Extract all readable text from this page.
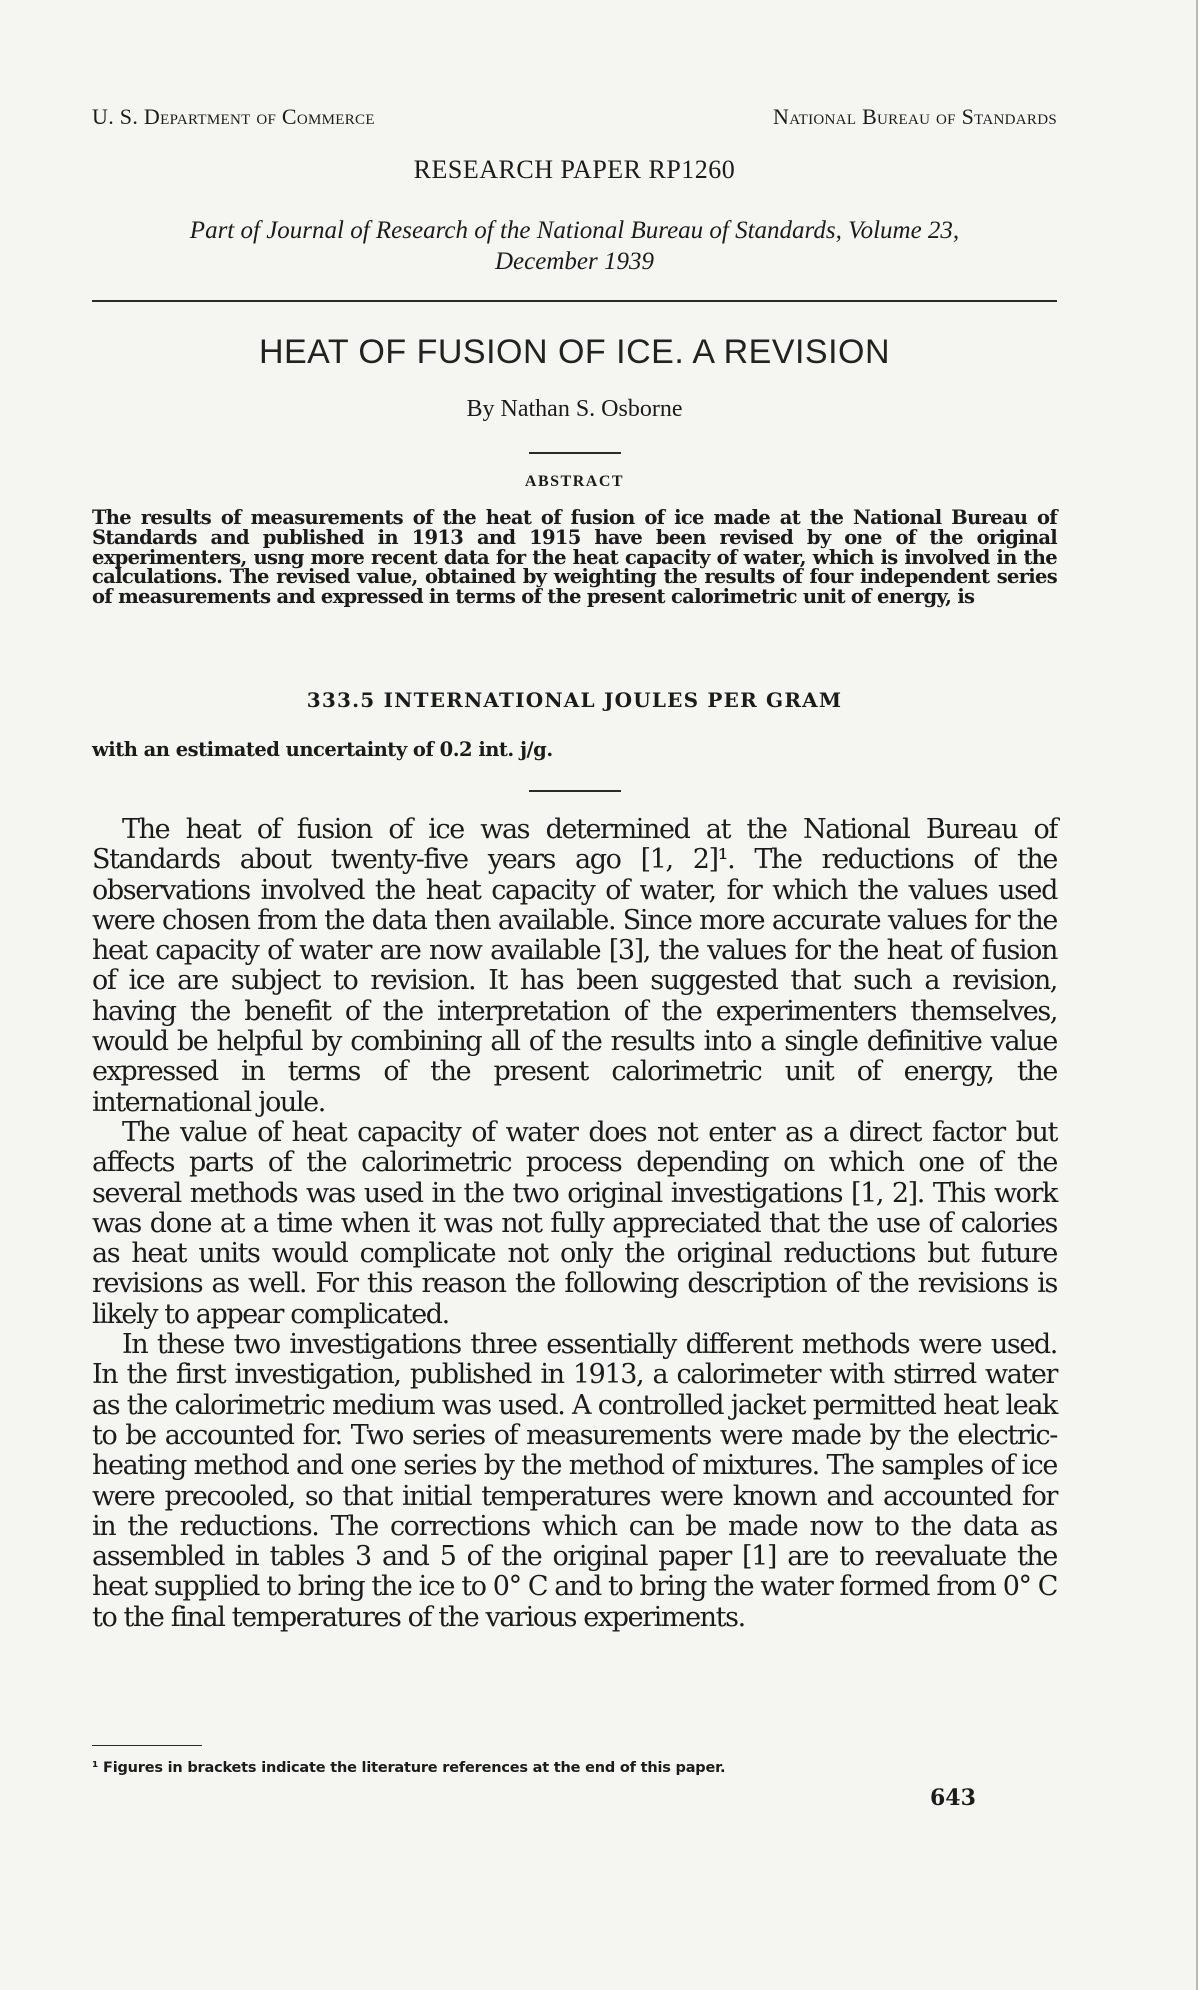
U. S. Department of Commerce	National Bureau of Standards
RESEARCH PAPER RP1260
Part of Journal of Research of the National Bureau of Standards, Volume 23,
December 1939
HEAT OF FUSION OF ICE. A REVISION
By Nathan S. Osborne
ABSTRACT
The results of measurements of the heat of fusion of ice made at the National Bureau of Standards and published in 1913 and 1915 have been revised by one of the original experimenters, usng more recent data for the heat capacity of water, which is involved in the calculations. The revised value, obtained by weighting the results of four independent series of measurements and expressed in terms of the present calorimetric unit of energy, is
333.5 INTERNATIONAL JOULES PER GRAM
with an estimated uncertainty of 0.2 int. j/g.

The heat of fusion of ice was determined at the National Bureau of Standards about twenty-five years ago [1, 2]¹. The reductions of the observations involved the heat capacity of water, for which the values used were chosen from the data then available. Since more accurate values for the heat capacity of water are now available [3], the values for the heat of fusion of ice are subject to revision. It has been suggested that such a revision, having the benefit of the interpretation of the experimenters themselves, would be helpful by combining all of the results into a single definitive value expressed in terms of the present calorimetric unit of energy, the international joule.

The value of heat capacity of water does not enter as a direct factor but affects parts of the calorimetric process depending on which one of the several methods was used in the two original investigations [1, 2]. This work was done at a time when it was not fully appreciated that the use of calories as heat units would complicate not only the original reductions but future revisions as well. For this reason the following description of the revisions is likely to appear complicated.

In these two investigations three essentially different methods were used. In the first investigation, published in 1913, a calorimeter with stirred water as the calorimetric medium was used. A controlled jacket permitted heat leak to be accounted for. Two series of measurements were made by the electric-heating method and one series by the method of mixtures. The samples of ice were precooled, so that initial temperatures were known and accounted for in the reductions. The corrections which can be made now to the data as assembled in tables 3 and 5 of the original paper [1] are to reevaluate the heat supplied to bring the ice to 0° C and to bring the water formed from 0° C to the final temperatures of the various experiments.

¹ Figures in brackets indicate the literature references at the end of this paper.
643
